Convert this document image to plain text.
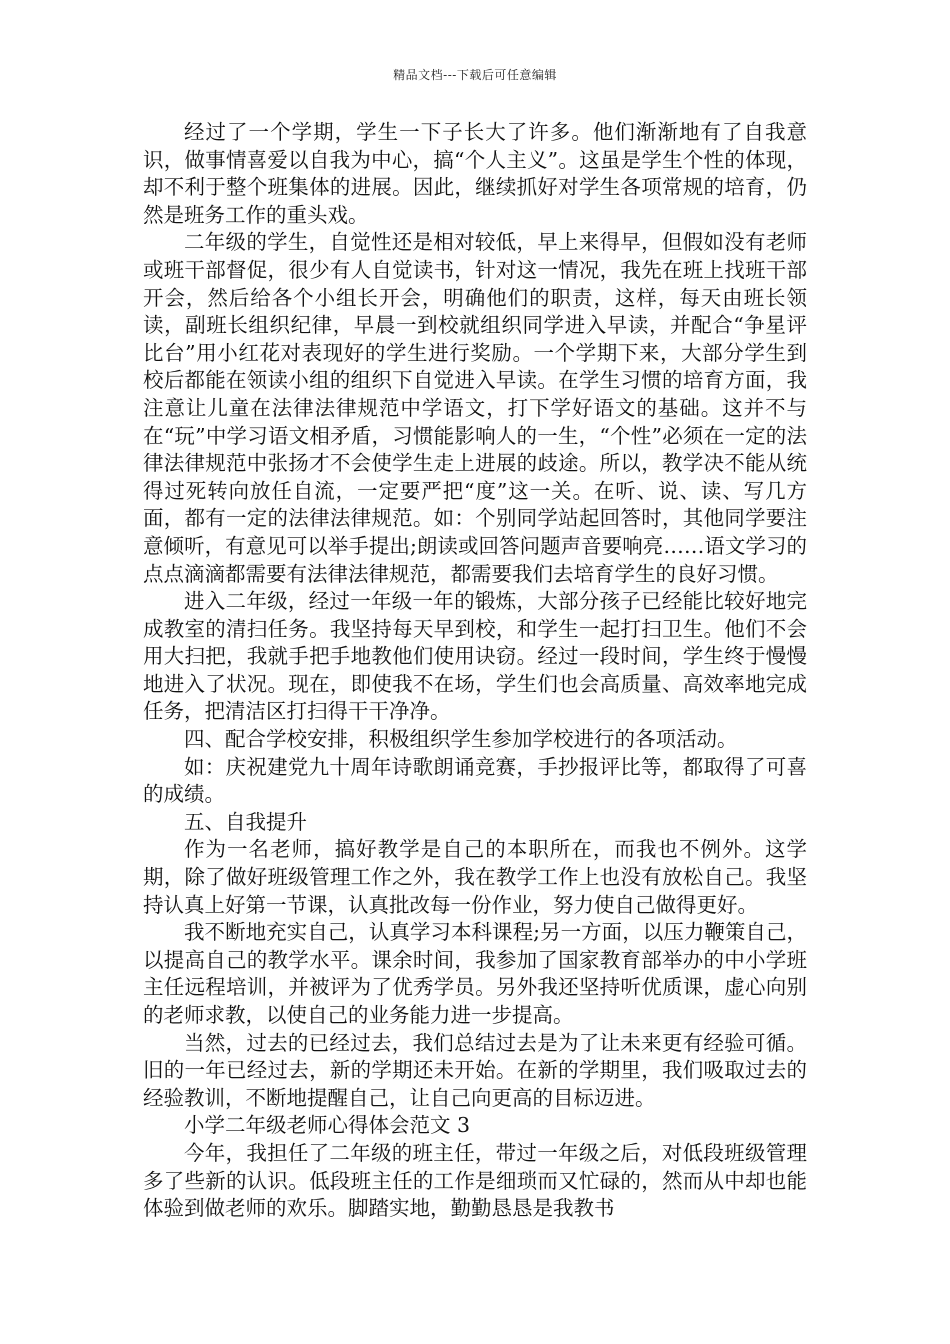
精品文档---下载后可任意编辑

经过了一个学期，学生一下子长大了许多。他们渐渐地有了自我意识，做事情喜爱以自我为中心，搞“个人主义”。这虽是学生个性的体现，却不利于整个班集体的进展。因此，继续抓好对学生各项常规的培育，仍然是班务工作的重头戏。

二年级的学生，自觉性还是相对较低，早上来得早，但假如没有老师或班干部督促，很少有人自觉读书，针对这一情况，我先在班上找班干部开会，然后给各个小组长开会，明确他们的职责，这样，每天由班长领读，副班长组织纪律，早晨一到校就组织同学进入早读，并配合“争星评比台”用小红花对表现好的学生进行奖励。一个学期下来，大部分学生到校后都能在领读小组的组织下自觉进入早读。在学生习惯的培育方面，我注意让儿童在法律法律规范中学语文，打下学好语文的基础。这并不与在“玩”中学习语文相矛盾，习惯能影响人的一生，“个性”必须在一定的法律法律规范中张扬才不会使学生走上进展的歧途。所以，教学决不能从统得过死转向放任自流，一定要严把“度”这一关。在听、说、读、写几方面，都有一定的法律法律规范。如：个别同学站起回答时，其他同学要注意倾听，有意见可以举手提出;朗读或回答问题声音要响亮……语文学习的点点滴滴都需要有法律法律规范，都需要我们去培育学生的良好习惯。

进入二年级，经过一年级一年的锻炼，大部分孩子已经能比较好地完成教室的清扫任务。我坚持每天早到校，和学生一起打扫卫生。他们不会用大扫把，我就手把手地教他们使用诀窃。经过一段时间，学生终于慢慢地进入了状况。现在，即使我不在场，学生们也会高质量、高效率地完成任务，把清洁区打扫得干干净净。

四、配合学校安排，积极组织学生参加学校进行的各项活动。

如：庆祝建党九十周年诗歌朗诵竞赛，手抄报评比等，都取得了可喜的成绩。

五、自我提升

作为一名老师，搞好教学是自己的本职所在，而我也不例外。这学期，除了做好班级管理工作之外，我在教学工作上也没有放松自己。我坚持认真上好第一节课，认真批改每一份作业，努力使自己做得更好。

我不断地充实自己，认真学习本科课程;另一方面，以压力鞭策自己，以提高自己的教学水平。课余时间，我参加了国家教育部举办的中小学班主任远程培训，并被评为了优秀学员。另外我还坚持听优质课，虚心向别的老师求教，以使自己的业务能力进一步提高。

当然，过去的已经过去，我们总结过去是为了让未来更有经验可循。旧的一年已经过去，新的学期还未开始。在新的学期里，我们吸取过去的经验教训，不断地提醒自己，让自己向更高的目标迈进。

小学二年级老师心得体会范文 3

今年，我担任了二年级的班主任，带过一年级之后，对低段班级管理多了些新的认识。低段班主任的工作是细琐而又忙碌的，然而从中却也能体验到做老师的欢乐。脚踏实地，勤勤恳恳是我教书
